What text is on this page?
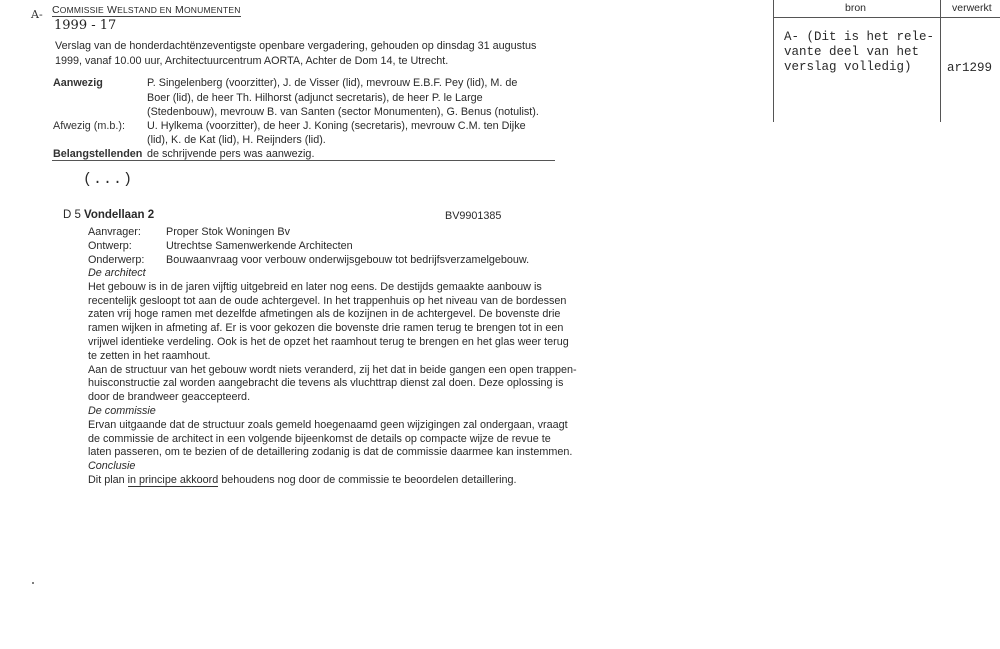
A- COMMISSIE WELSTAND EN MONUMENTEN
1999 - 17
Verslag van de honderdachtënzeventigste openbare vergadering, gehouden op dinsdag 31 augustus
1999, vanaf 10.00 uur, Architectuurcentrum AORTA, Achter de Dom 14, te Utrecht.
Aanwezig	P. Singelenberg (voorzitter), J. de Visser (lid), mevrouw E.B.F. Pey (lid), M. de
Boer (lid), de heer Th. Hilhorst (adjunct secretaris), de heer P. le Large
(Stedenbouw), mevrouw B. van Santen (sector Monumenten), G. Benus (notulist).
Afwezig (m.b.): U. Hylkema (voorzitter), de heer J. Koning (secretaris), mevrouw C.M. ten Dijke
(lid), K. de Kat (lid), H. Reijnders (lid).
Belangstellenden de schrijvende pers was aanwezig.
(...)
bron	verwerkt
A- (Dit is het rele-
vante deel van het
verslag volledig)	ar1299
D 5 Vondellaan 2	BV9901385
Aanvrager: Proper Stok Woningen Bv
Ontwerp:	Utrechtse Samenwerkende Architecten
Onderwerp: Bouwaanvraag voor verbouw onderwijsgebouw tot bedrijfsverzamelgebouw.
De architect
Het gebouw is in de jaren vijftig uitgebreid en later nog eens. De destijds gemaakte aanbouw is
recentelijk gesloopt tot aan de oude achtergevel. In het trappenhuis op het niveau van de bordessen
zaten vrij hoge ramen met dezelfde afmetingen als de kozijnen in de achtergevel. De bovenste drie
ramen wijken in afmeting af. Er is voor gekozen die bovenste drie ramen terug te brengen tot in een
vrijwel identieke verdeling. Ook is het de opzet het raamhout terug te brengen en het glas weer terug
te zetten in het raamhout.
Aan de structuur van het gebouw wordt niets veranderd, zij het dat in beide gangen een open trappen-
huisconstructie zal worden aangebracht die tevens als vluchttrap dienst zal doen. Deze oplossing is
door de brandweer geaccepteerd.
De commissie
Ervan uitgaande dat de structuur zoals gemeld hoegenaamd geen wijzigingen zal ondergaan, vraagt
de commissie de architect in een volgende bijeenkomst de details op compacte wijze de revue te
laten passeren, om te bezien of de detaillering zodanig is dat de commissie daarmee kan instemmen.
Conclusie
Dit plan in principe akkoord behoudens nog door de commissie te beoordelen detaillering.
